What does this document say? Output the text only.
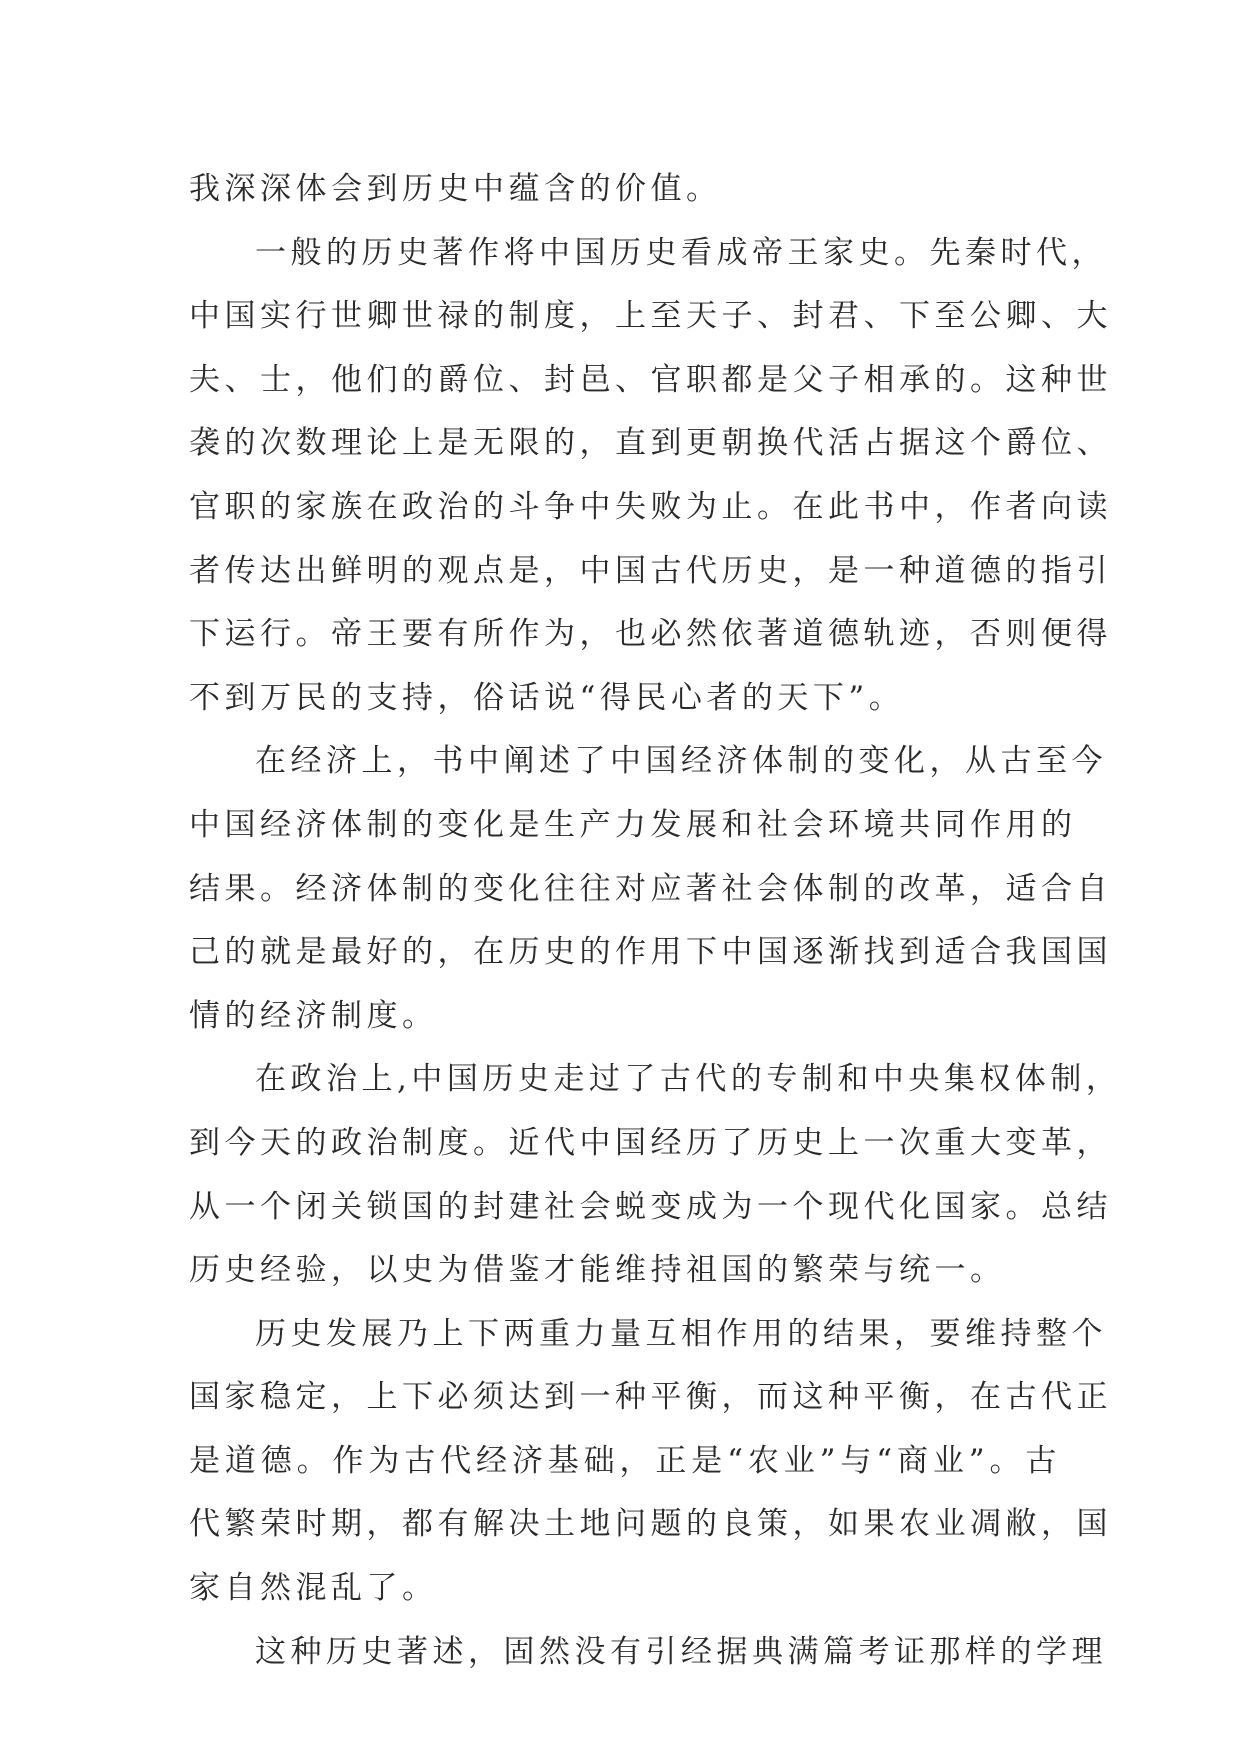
我深深体会到历史中蕴含的价值。
一 般 的 历 史 著 作 将 中 国 历 史 看 成 帝 王 家 史 。 先 秦 时 代 ，
中 国 实 行 世 卿 世 禄 的 制 度 ， 上 至 天 子 、 封 君 、 下 至 公 卿 、 大
夫 、 士 ， 他 们 的 爵 位 、 封 邑 、 官 职 都 是 父 子 相 承 的 。 这 种 世
袭 的 次 数 理 论 上 是 无 限 的 ， 直 到 更 朝 换 代 活 占 据 这 个 爵 位 、
官 职 的 家 族 在 政 治 的 斗 争 中 失 败 为 止 。 在 此 书 中 ， 作 者 向 读
者 传 达 出 鲜 明 的 观 点 是 ， 中 国 古 代 历 史 ， 是 一 种 道 德 的 指 引
下 运 行 。 帝 王 要 有 所 作 为 ， 也 必 然 依 著 道 德 轨 迹 ， 否 则 便 得
不到万民的支持，俗话说“得民心者的天下”。
在 经 济 上 ， 书 中 阐 述 了 中 国 经 济 体 制 的 变 化 ， 从 古 至 今
中 国 经 济 体 制 的 变 化 是 生 产 力 发 展 和 社 会 环 境 共 同 作 用 的
结 果 。 经 济 体 制 的 变 化 往 往 对 应 著 社 会 体 制 的 改 革 ， 适 合 自
己 的 就 是 最 好 的 ， 在 历 史 的 作 用 下 中 国 逐 渐 找 到 适 合 我 国 国
情的经济制度。
在 政 治 上 , 中 国 历 史 走 过 了 古 代 的 专 制 和 中 央 集 权 体 制 ，
到 今 天 的 政 治 制 度 。 近 代 中 国 经 历 了 历 史 上 一 次 重 大 变 革 ，
从 一 个 闭 关 锁 国 的 封 建 社 会 蜕 变 成 为 一 个 现 代 化 国 家 。 总 结
历史经验，以史为借鉴才能维持祖国的繁荣与统一。
历 史 发 展 乃 上 下 两 重 力 量 互 相 作 用 的 结 果 ， 要 维 持 整 个
国 家 稳 定 ， 上 下 必 须 达 到 一 种 平 衡 ， 而 这 种 平 衡 ， 在 古 代 正
是 道 德 。 作 为 古 代 经 济 基 础 ， 正 是 “ 农 业 ” 与 “ 商 业 ” 。 古
代 繁 荣 时 期 ， 都 有 解 决 土 地 问 题 的 良 策 ， 如 果 农 业 凋 敝 ， 国
家自然混乱了。
这 种 历 史 著 述 ， 固 然 没 有 引 经 据 典 满 篇 考 证 那 样 的 学 理
